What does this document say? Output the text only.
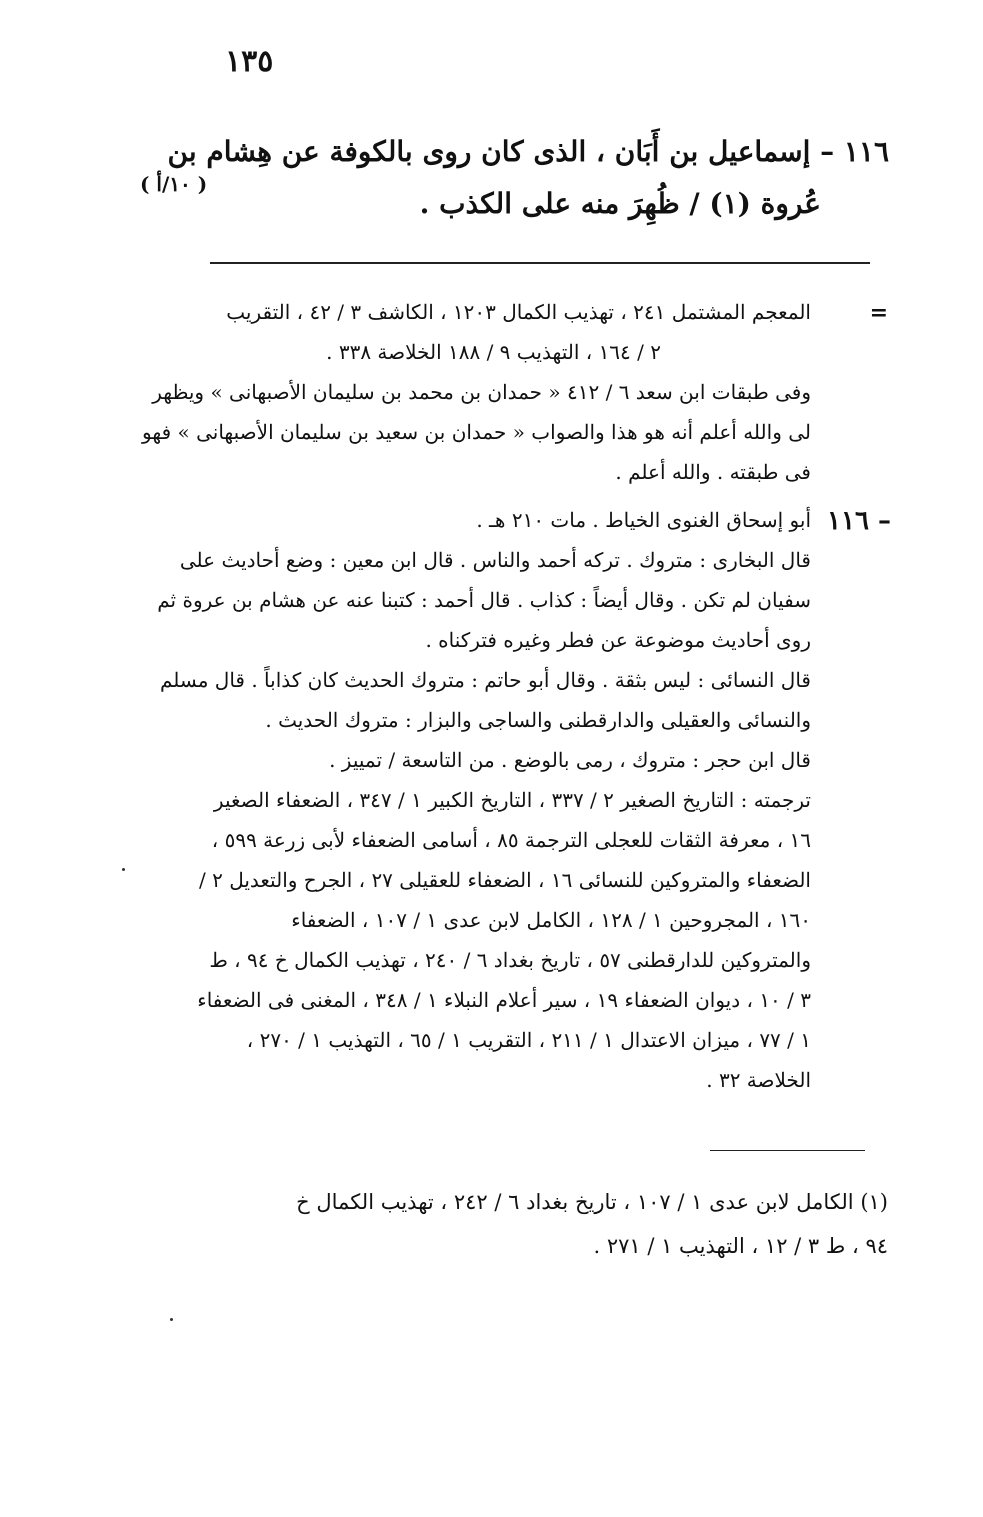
١٣٥
١١٦ – إسماعيل بن أَبَان ، الذى كان روى بالكوفة عن هِشام بن
عُروة (١) / ظُهِرَ منه على الكذب .
( ١٠/أ )
=
المعجم المشتمل ٢٤١ ، تهذيب الكمال ١٢٠٣ ، الكاشف ٣ / ٤٢ ، التقريب
٢ / ١٦٤ ، التهذيب ٩ / ١٨٨ الخلاصة ٣٣٨ .
وفى طبقات ابن سعد ٦ / ٤١٢ « حمدان بن محمد بن سليمان الأصبهانى » ويظهر
لى والله أعلم أنه هو هذا والصواب « حمدان بن سعيد بن سليمان الأصبهانى » فهو
فى طبقته . والله أعلم .
١١٦ –
أبو إسحاق الغنوى الخياط . مات ٢١٠ هـ .
قال البخارى : متروك . تركه أحمد والناس . قال ابن معين : وضع أحاديث على
سفيان لم تكن . وقال أيضاً : كذاب . قال أحمد : كتبنا عنه عن هشام بن عروة ثم
روى أحاديث موضوعة عن فطر وغيره فتركناه .
قال النسائى : ليس بثقة . وقال أبو حاتم : متروك الحديث كان كذاباً . قال مسلم
والنسائى والعقيلى والدارقطنى والساجى والبزار : متروك الحديث .
قال ابن حجر : متروك ، رمى بالوضع . من التاسعة / تمييز .
ترجمته : التاريخ الصغير ٢ / ٣٣٧ ، التاريخ الكبير ١ / ٣٤٧ ، الضعفاء الصغير
١٦ ، معرفة الثقات للعجلى الترجمة ٨٥ ، أسامى الضعفاء لأبى زرعة ٥٩٩ ،
الضعفاء والمتروكين للنسائى ١٦ ، الضعفاء للعقيلى ٢٧ ، الجرح والتعديل ٢ /
١٦٠ ، المجروحين ١ / ١٢٨ ، الكامل لابن عدى ١ / ١٠٧ ، الضعفاء
والمتروكين للدارقطنى ٥٧ ، تاريخ بغداد ٦ / ٢٤٠ ، تهذيب الكمال خ ٩٤ ، ط
٣ / ١٠ ، ديوان الضعفاء ١٩ ، سير أعلام النبلاء ١ / ٣٤٨ ، المغنى فى الضعفاء
١ / ٧٧ ، ميزان الاعتدال ١ / ٢١١ ، التقريب ١ / ٦٥ ، التهذيب ١ / ٢٧٠ ،
الخلاصة ٣٢ .
(١) الكامل لابن عدى ١ / ١٠٧ ، تاريخ بغداد ٦ / ٢٤٢ ، تهذيب الكمال خ
٩٤ ، ط ٣ / ١٢ ، التهذيب ١ / ٢٧١ .
